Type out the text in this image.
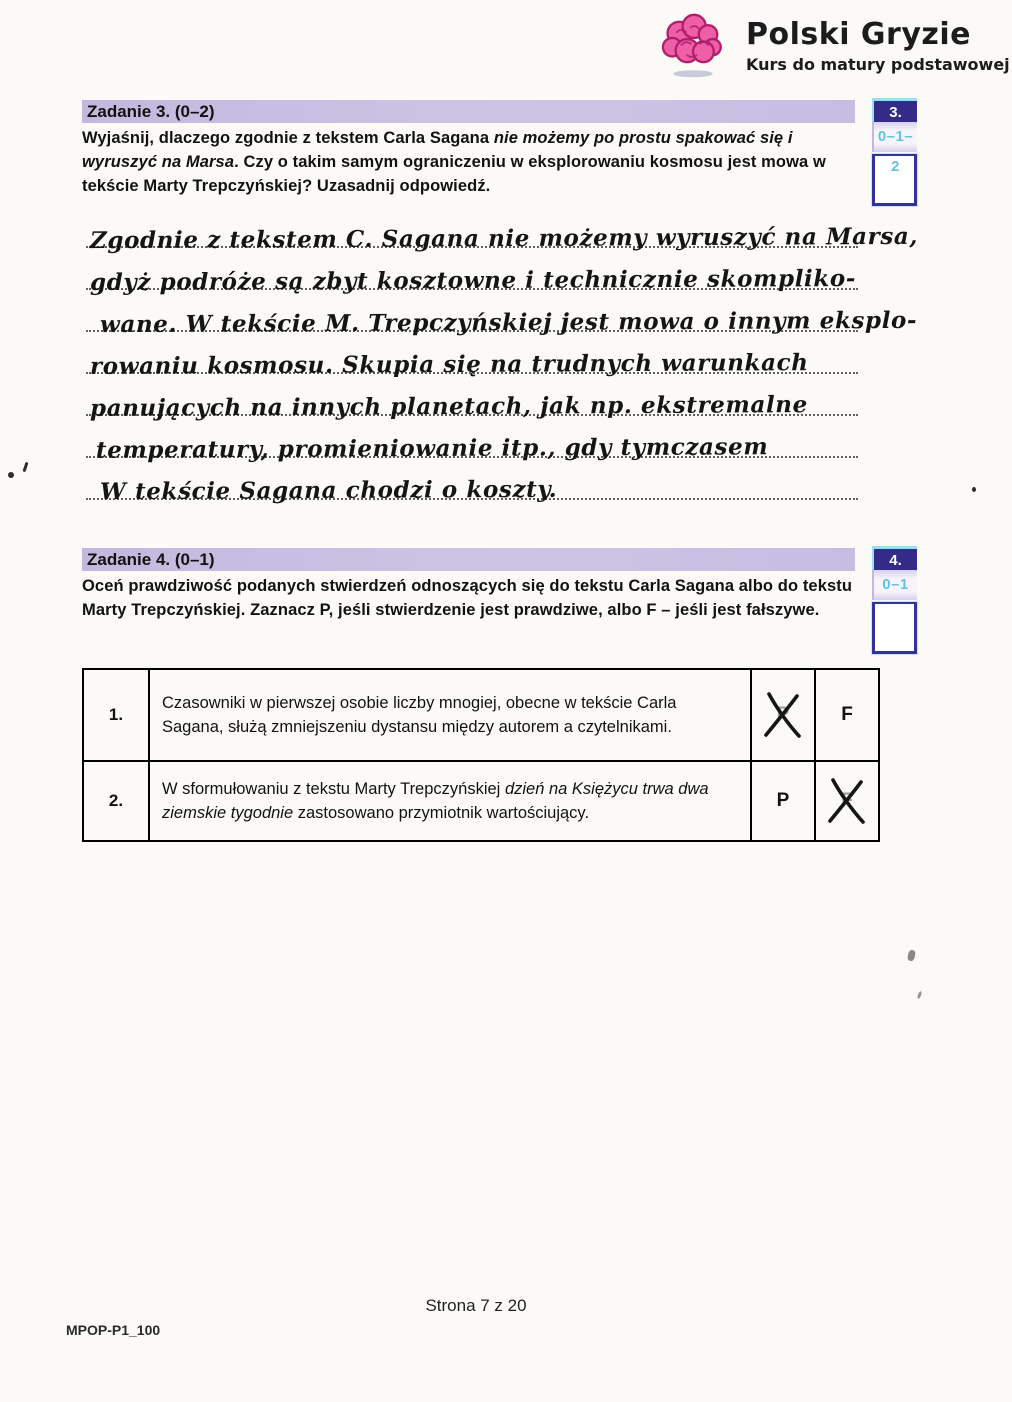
Polski Gryzie
Kurs do matury podstawowej
Zadanie 3. (0–2)
Wyjaśnij, dlaczego zgodnie z tekstem Carla Sagana nie możemy po prostu spakować się i wyruszyć na Marsa. Czy o takim samym ograniczeniu w eksplorowaniu kosmosu jest mowa w tekście Marty Trepczyńskiej? Uzasadnij odpowiedź.
Zgodnie z tekstem C. Sagana nie możemy wyruszyć na Marsa,
gdyż podróże są zbyt kosztowne i technicznie skompliko-
wane. W tekście M. Trepczyńskiej jest mowa o innym eksplo-
rowaniu kosmosu. Skupia się na trudnych warunkach
panujących na innych planetach, jak np. ekstremalne
temperatury, promieniowanie itp., gdy tymczasem
W tekście Sagana chodzi o koszty.
3.
0–1–2
Zadanie 4. (0–1)
Oceń prawdziwość podanych stwierdzeń odnoszących się do tekstu Carla Sagana albo do tekstu Marty Trepczyńskiej. Zaznacz P, jeśli stwierdzenie jest prawdziwe, albo F – jeśli jest fałszywe.
1.	Czasowniki w pierwszej osobie liczby mnogiej, obecne w tekście Carla Sagana, służą zmniejszeniu dystansu między autorem a czytelnikami.	P	F
2.	W sformułowaniu z tekstu Marty Trepczyńskiej dzień na Księżycu trwa dwa ziemskie tygodnie zastosowano przymiotnik wartościujący.	P	F
4.
0–1
Strona 7 z 20
MPOP-P1_100
